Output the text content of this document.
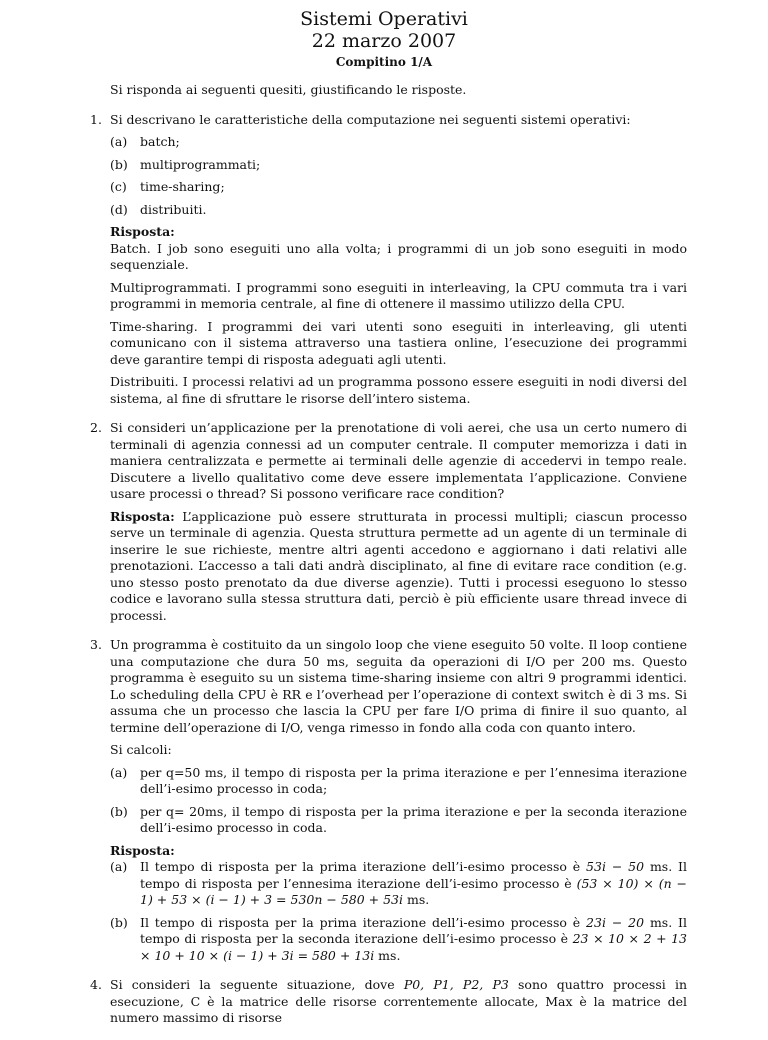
Sistemi Operativi
22 marzo 2007
Compitino 1/A
Si risponda ai seguenti quesiti, giustificando le risposte.
1. Si descrivano le caratteristiche della computazione nei seguenti sistemi operativi:

(a) batch;
(b) multiprogrammati;
(c) time-sharing;
(d) distribuiti.
Risposta:

Batch. I job sono eseguiti uno alla volta; i programmi di un job sono eseguiti in modo sequenziale.

Multiprogrammati. I programmi sono eseguiti in interleaving, la CPU commuta tra i vari programmi in memoria centrale, al fine di ottenere il massimo utilizzo della CPU.

Time-sharing. I programmi dei vari utenti sono eseguiti in interleaving, gli utenti comunicano con il sistema attraverso una tastiera online, l’esecuzione dei programmi deve garantire tempi di risposta adeguati agli utenti.

Distribuiti. I processi relativi ad un programma possono essere eseguiti in nodi diversi del sistema, al fine di sfruttare le risorse dell’intero sistema.

2. Si consideri un’applicazione per la prenotatione di voli aerei, che usa un certo numero di terminali di agenzia connessi ad un computer centrale. Il computer memorizza i dati in maniera centralizzata e permette ai terminali delle agenzie di accedervi in tempo reale. Discutere a livello qualitativo come deve essere implementata l’applicazione. Conviene usare processi o thread? Si possono verificare race condition?

Risposta: L’applicazione può essere strutturata in processi multipli; ciascun processo serve un terminale di agenzia. Questa struttura permette ad un agente di un terminale di inserire le sue richieste, mentre altri agenti accedono e aggiornano i dati relativi alle prenotazioni. L’accesso a tali dati andrà disciplinato, al fine di evitare race condition (e.g. uno stesso posto prenotato da due diverse agenzie). Tutti i processi eseguono lo stesso codice e lavorano sulla stessa struttura dati, perciò è più efficiente usare thread invece di processi.

3. Un programma è costituito da un singolo loop che viene eseguito 50 volte. Il loop contiene una computazione che dura 50 ms, seguita da operazioni di I/O per 200 ms. Questo programma è eseguito su un sistema time-sharing insieme con altri 9 programmi identici. Lo scheduling della CPU è RR e l’overhead per l’operazione di context switch è di 3 ms. Si assuma che un processo che lascia la CPU per fare I/O prima di finire il suo quanto, al termine dell’operazione di I/O, venga rimesso in fondo alla coda con quanto intero.

Si calcoli:

(a) per q=50 ms, il tempo di risposta per la prima iterazione e per l’ennesima iterazione dell’i-esimo processo in coda;
(b) per q= 20ms, il tempo di risposta per la prima iterazione e per la seconda iterazione dell’i-esimo processo in coda.
Risposta:
(a) Il tempo di risposta per la prima iterazione dell’i-esimo processo è 53i − 50 ms. Il tempo di risposta per l’ennesima iterazione dell’i-esimo processo è (53 × 10) × (n − 1) + 53 × (i − 1) + 3 = 530n − 580 + 53i ms.
(b) Il tempo di risposta per la prima iterazione dell’i-esimo processo è 23i − 20 ms. Il tempo di risposta per la seconda iterazione dell’i-esimo processo è 23 × 10 × 2 + 13 × 10 + 10 × (i − 1) + 3i = 580 + 13i ms.
4. Si consideri la seguente situazione, dove P0, P1, P2, P3 sono quattro processi in esecuzione, C è la matrice delle risorse correntemente allocate, Max è la matrice del numero massimo di risorse
